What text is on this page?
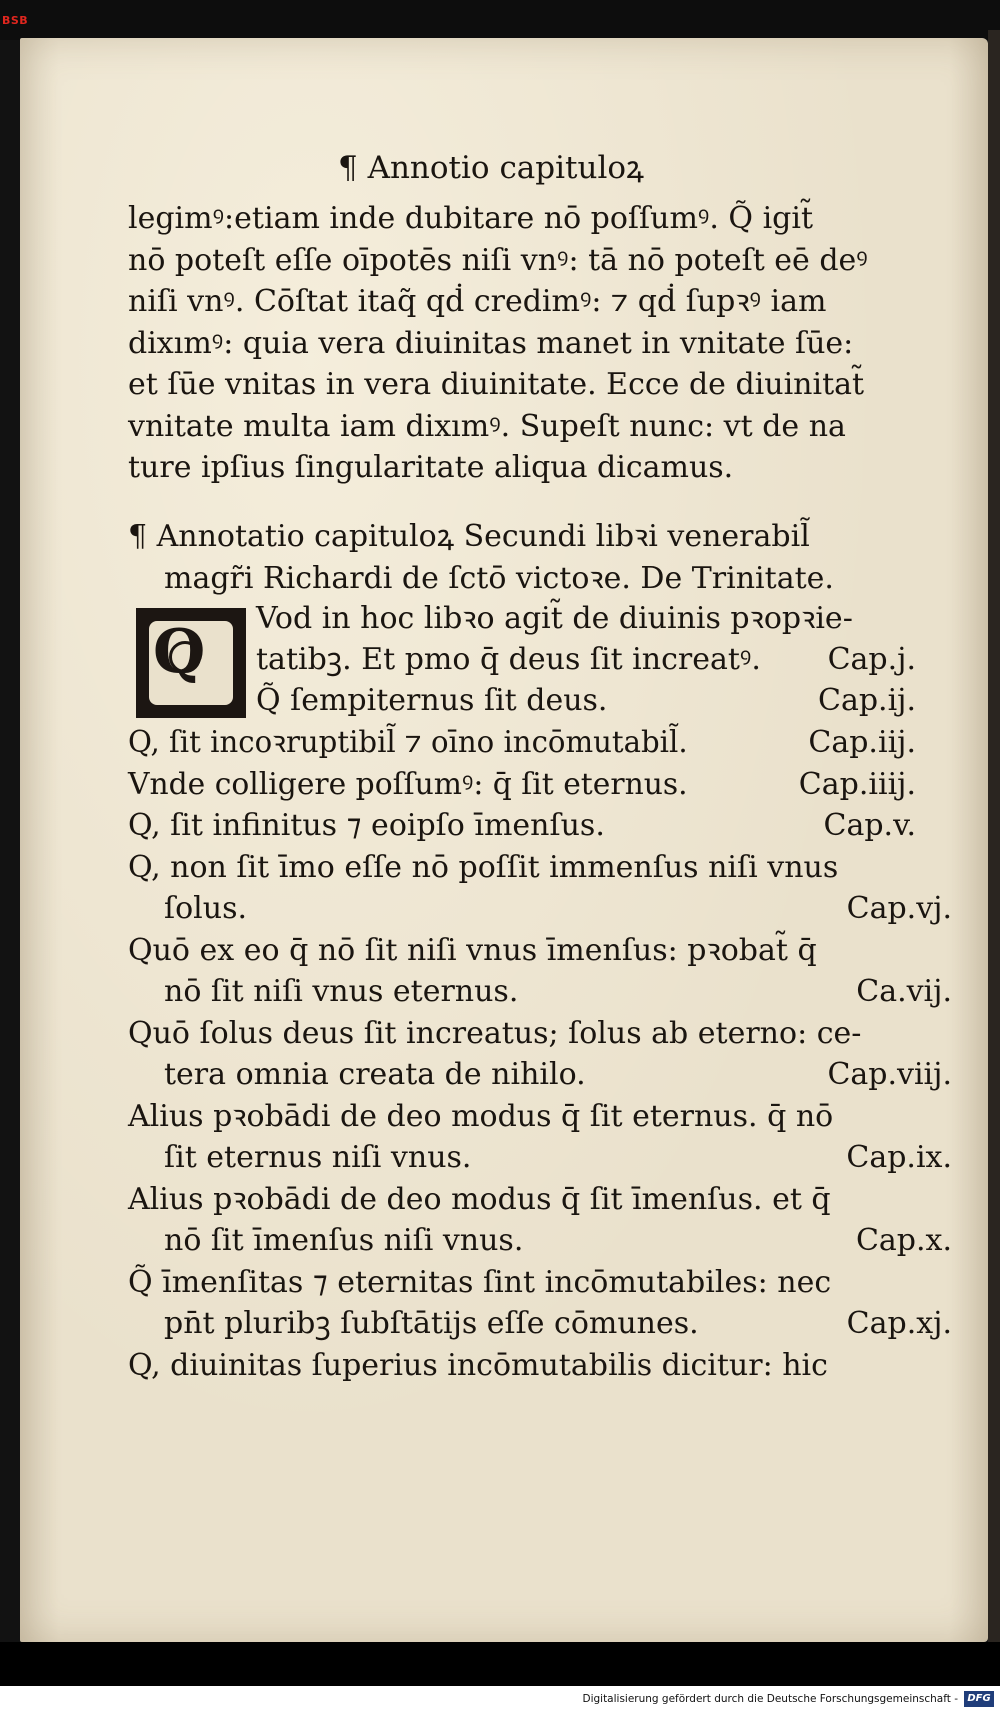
BSB
¶ Annotio capituloꝝ
legimꝰ:etiam inde dubitare nō poſſumꝰ. Q̃ igit̃
nō poteſt eſſe oīpotēs niſi vnꝰ: tā nō poteſt eē deꝰ
niſi vnꝰ. Cōſtat itaq̃ qḋ credimꝰ: ⁊ qḋ ſupꝛꝰ iam
dixımꝰ: quia vera diuinitas manet in vnitate ſūe:
et ſūe vnitas in vera diuinitate. Ecce de diuinitat̃
vnitate multa iam dixımꝰ. Supeſt nunc: vt de na
ture ipſius ſingularitate aliqua dicamus.
¶ Annotatio capituloꝝ Secundi libꝛi venerabil̃
magr̃i Richardi de ſctō victoꝛe. De Trinitate.
Q Vod in hoc libꝛo agit̃ de diuinis pꝛopꝛie-
tatibꝫ. Et pmo q̄ deus ſit increatꝰ. Cap.j.
Q̃ ſempiternus ſit deus.	Cap.ij.
Q, ſit incoꝛruptibil̃ ⁊ oīno incōmutabil̃.	Cap.iij.
Vnde colligere poſſumꝰ: q̄ ſit eternus.	Cap.iiij.
Q, ſit infinitus ⁊ eoipſo īmenſus.	Cap.v.
Q, non ſit īmo eſſe nō poſſit immenſus niſi vnus
ſolus.	Cap.vj.
Quō ex eo q̄ nō ſit niſi vnus īmenſus: pꝛobat̃ q̄
nō ſit niſi vnus eternus.	Ca.vij.
Quō ſolus deus ſit increatus; ſolus ab eterno: ce-
tera omnia creata de nihilo.	Cap.viij.
Alius pꝛobādi de deo modus q̄ ſit eternus. q̄ nō
ſit eternus niſi vnus.	Cap.ix.
Alius pꝛobādi de deo modus q̄ ſit īmenſus. et q̄
nō ſit īmenſus niſi vnus.	Cap.x.
Q̃ īmenſitas ⁊ eternitas ſint incōmutabiles: nec
pn̄t pluribꝫ ſubſtātijs eſſe cōmunes.	Cap.xj.
Q, diuinitas ſuperius incōmutabilis dicitur: hic
Digitalisierung gefördert durch die Deutsche Forschungsgemeinschaft - DFG
